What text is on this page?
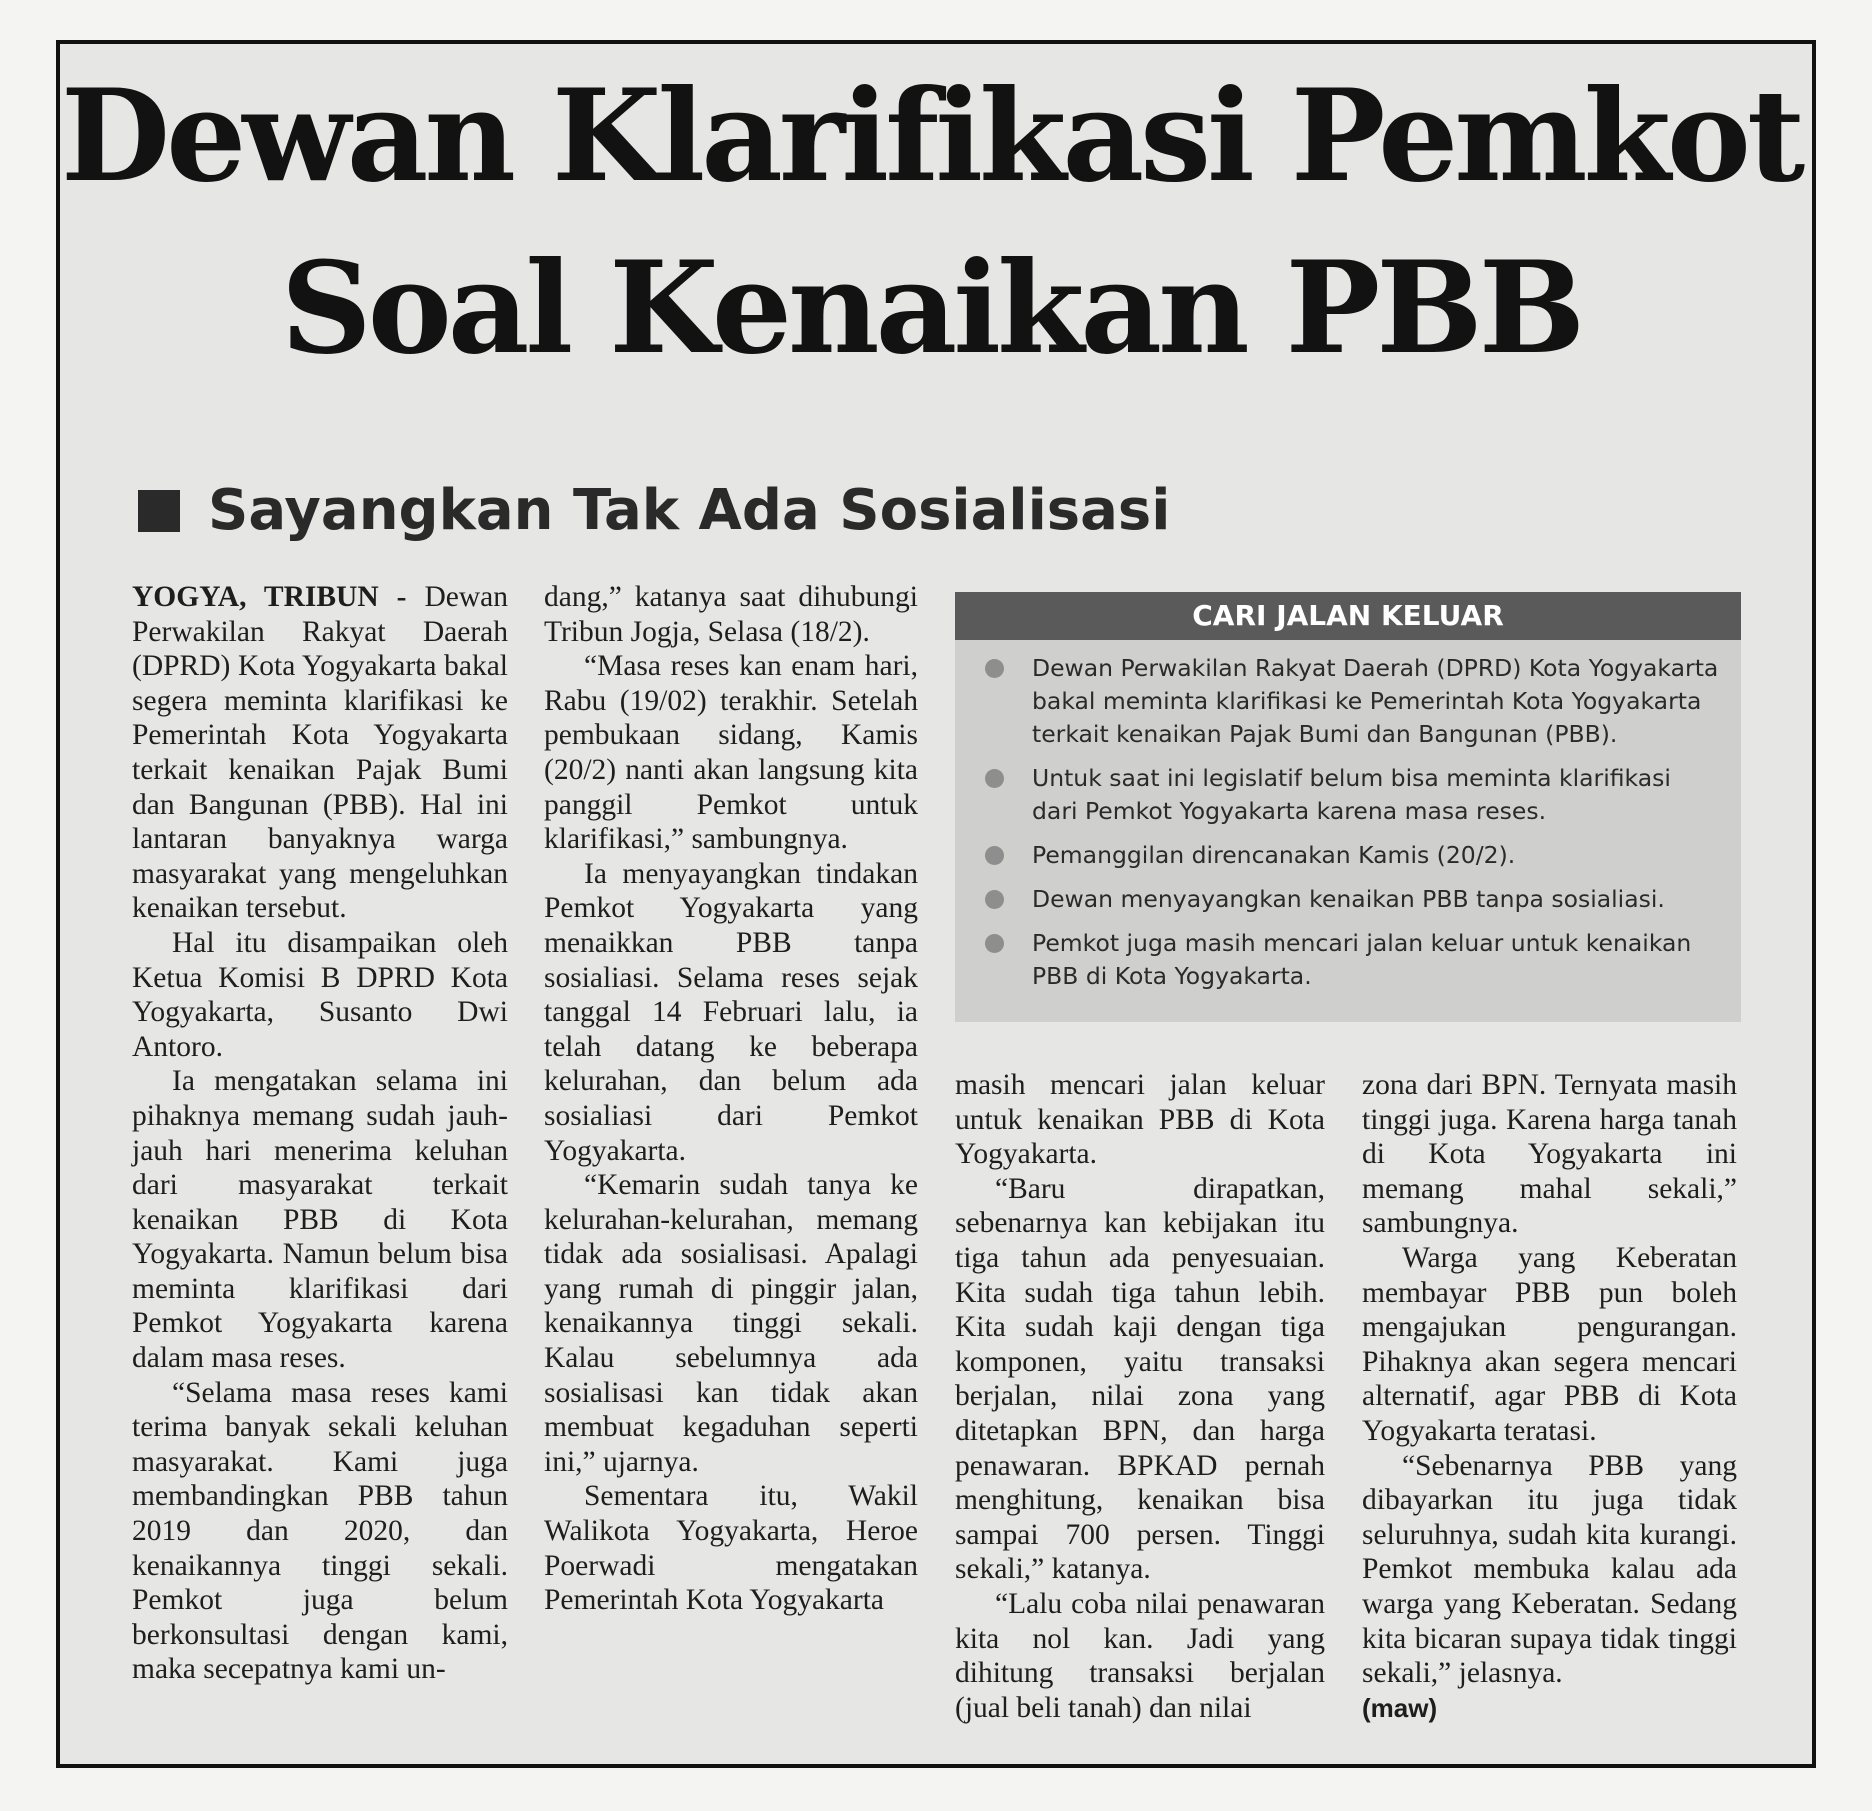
Dewan Klarifikasi Pemkot
Soal Kenaikan PBB
Sayangkan Tak Ada Sosialisasi

YOGYA, TRIBUN - Dewan Perwakilan Rakyat Daerah (DPRD) Kota Yogyakarta bakal segera meminta klarifikasi ke Pemerintah Kota Yogyakarta terkait kenaikan Pajak Bumi dan Bangunan (PBB). Hal ini lantaran banyaknya warga masyarakat yang mengeluhkan kenaikan tersebut.

Hal itu disampaikan oleh Ketua Komisi B DPRD Kota Yogyakarta, Susanto Dwi Antoro.

Ia mengatakan selama ini pihaknya memang sudah jauh-jauh hari menerima keluhan dari masyarakat terkait kenaikan PBB di Kota Yogyakarta. Namun belum bisa meminta klarifikasi dari Pemkot Yogyakarta karena dalam masa reses.

“Selama masa reses kami terima banyak sekali keluhan masyarakat. Kami juga membandingkan PBB tahun 2019 dan 2020, dan kenaikannya tinggi sekali. Pemkot juga belum berkonsultasi dengan kami, maka secepatnya kami un-

dang,” katanya saat dihubungi Tribun Jogja, Selasa (18/2).

“Masa reses kan enam hari, Rabu (19/02) terakhir. Setelah pembukaan sidang, Kamis (20/2) nanti akan langsung kita panggil Pemkot untuk klarifikasi,” sambungnya.

Ia menyayangkan tindakan Pemkot Yogyakarta yang menaikkan PBB tanpa sosialiasi. Selama reses sejak tanggal 14 Februari lalu, ia telah datang ke beberapa kelurahan, dan belum ada sosialiasi dari Pemkot Yogyakarta.

“Kemarin sudah tanya ke kelurahan-kelurahan, memang tidak ada sosialisasi. Apalagi yang rumah di pinggir jalan, kenaikannya tinggi sekali. Kalau sebelumnya ada sosialisasi kan tidak akan membuat kegaduhan seperti ini,” ujarnya.

Sementara itu, Wakil Walikota Yogyakarta, Heroe Poerwadi mengatakan Pemerintah Kota Yogyakarta

CARI JALAN KELUAR
Dewan Perwakilan Rakyat Daerah (DPRD) Kota Yogyakarta bakal meminta klarifikasi ke Pemerintah Kota Yogyakarta terkait kenaikan Pajak Bumi dan Bangunan (PBB).
Untuk saat ini legislatif belum bisa meminta klarifikasi dari Pemkot Yogyakarta karena masa reses.
Pemanggilan direncanakan Kamis (20/2).
Dewan menyayangkan kenaikan PBB tanpa sosialiasi.
Pemkot juga masih mencari jalan keluar untuk kenaikan PBB di Kota Yogyakarta.

masih mencari jalan keluar untuk kenaikan PBB di Kota Yogyakarta.

“Baru dirapatkan, sebenarnya kan kebijakan itu tiga tahun ada penyesuaian. Kita sudah tiga tahun lebih. Kita sudah kaji dengan tiga komponen, yaitu transaksi berjalan, nilai zona yang ditetapkan BPN, dan harga penawaran. BPKAD pernah menghitung, kenaikan bisa sampai 700 persen. Tinggi sekali,” katanya.

“Lalu coba nilai penawaran kita nol kan. Jadi yang dihitung transaksi berjalan (jual beli tanah) dan nilai

zona dari BPN. Ternyata masih tinggi juga. Karena harga tanah di Kota Yogyakarta ini memang mahal sekali,” sambungnya.

Warga yang Keberatan membayar PBB pun boleh mengajukan pengurangan. Pihaknya akan segera mencari alternatif, agar PBB di Kota Yogyakarta teratasi.

“Sebenarnya PBB yang dibayarkan itu juga tidak seluruhnya, sudah kita kurangi. Pemkot membuka kalau ada warga yang Keberatan. Sedang kita bicaran supaya tidak tinggi sekali,” jelasnya.
(maw)
